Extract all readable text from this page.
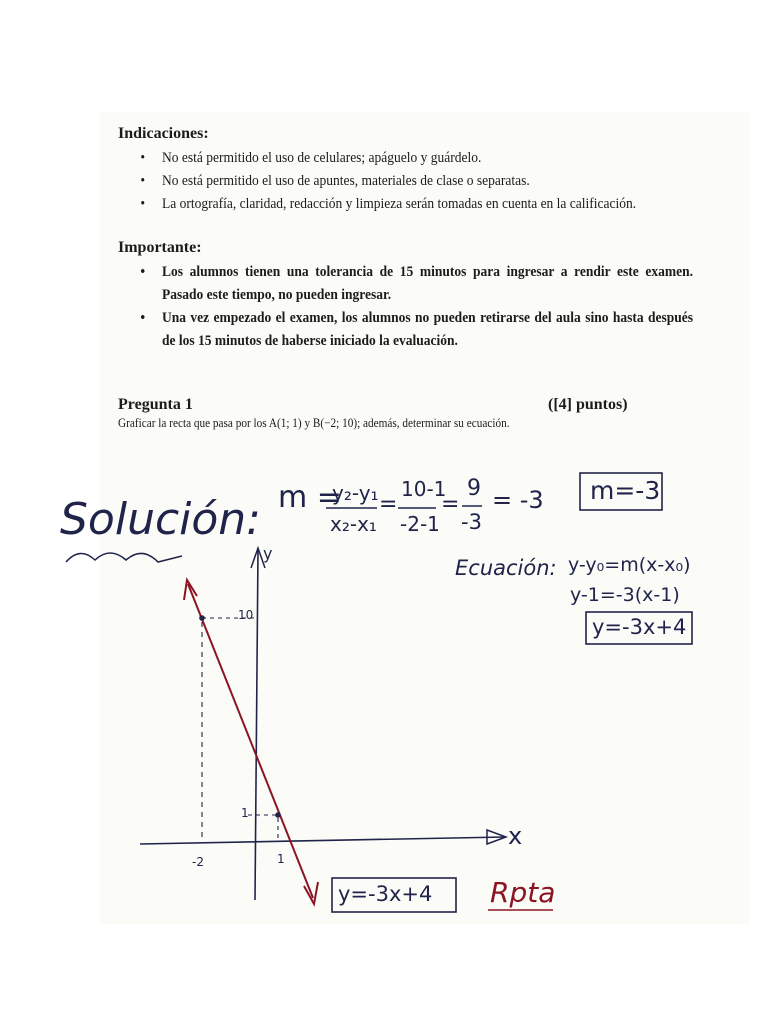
Indicaciones:
• No está permitido el uso de celulares; apáguelo y guárdelo.
• No está permitido el uso de apuntes, materiales de clase o separatas.
• La ortografía, claridad, redacción y limpieza serán tomadas en cuenta en la calificación.
Importante:
• Los alumnos tienen una tolerancia de 15 minutos para ingresar a rendir este examen. Pasado este tiempo, no pueden ingresar.
• Una vez empezado el examen, los alumnos no pueden retirarse del aula sino hasta después de los 15 minutos de haberse iniciado la evaluación.
Pregunta 1	([4] puntos)
Graficar la recta que pasa por los A(1; 1) y B(−2; 10); además, determinar su ecuación.
Solución: m =
y₂-y₁
x₂-x₁
=
10-1
-2-1
=
9
-3
= -3 m=-3
Ecuación: y-y₀=m(x-x₀)
y-1=-3(x-1)
y=-3x+4
y
x
10
1
-2	1
y=-3x+4 Rpta
